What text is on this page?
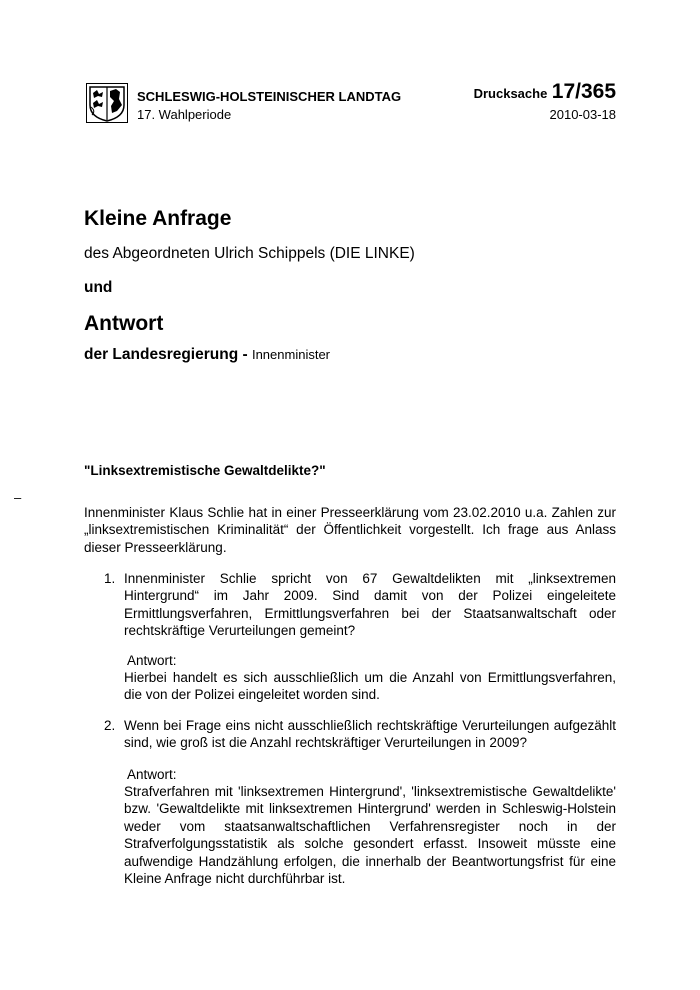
SCHLESWIG-HOLSTEINISCHER LANDTAG
17. Wahlperiode
Drucksache 17/365
2010-03-18
Kleine Anfrage
des Abgeordneten Ulrich Schippels (DIE LINKE)
und
Antwort
der Landesregierung - Innenminister
"Linksextremistische Gewaltdelikte?"
–
Innenminister Klaus Schlie hat in einer Presseerklärung vom 23.02.2010 u.a. Zahlen zur „linksextremistischen Kriminalität“ der Öffentlichkeit vorgestellt. Ich frage aus Anlass dieser Presseerklärung.
1. Innenminister Schlie spricht von 67 Gewaltdelikten mit „linksextremen Hintergrund“ im Jahr 2009. Sind damit von der Polizei eingeleitete Ermittlungsverfahren, Ermittlungsverfahren bei der Staatsanwaltschaft oder rechtskräftige Verurteilungen gemeint?
Antwort:
Hierbei handelt es sich ausschließlich um die Anzahl von Ermittlungsverfahren, die von der Polizei eingeleitet worden sind.
2. Wenn bei Frage eins nicht ausschließlich rechtskräftige Verurteilungen aufgezählt sind, wie groß ist die Anzahl rechtskräftiger Verurteilungen in 2009?
Antwort:
Strafverfahren mit 'linksextremen Hintergrund', 'linksextremistische Gewaltdelikte' bzw. 'Gewaltdelikte mit linksextremen Hintergrund' werden in Schleswig-Holstein weder vom staatsanwaltschaftlichen Verfahrensregister noch in der Strafverfolgungsstatistik als solche gesondert erfasst. Insoweit müsste eine aufwendige Handzählung erfolgen, die innerhalb der Beantwortungsfrist für eine Kleine Anfrage nicht durchführbar ist.
